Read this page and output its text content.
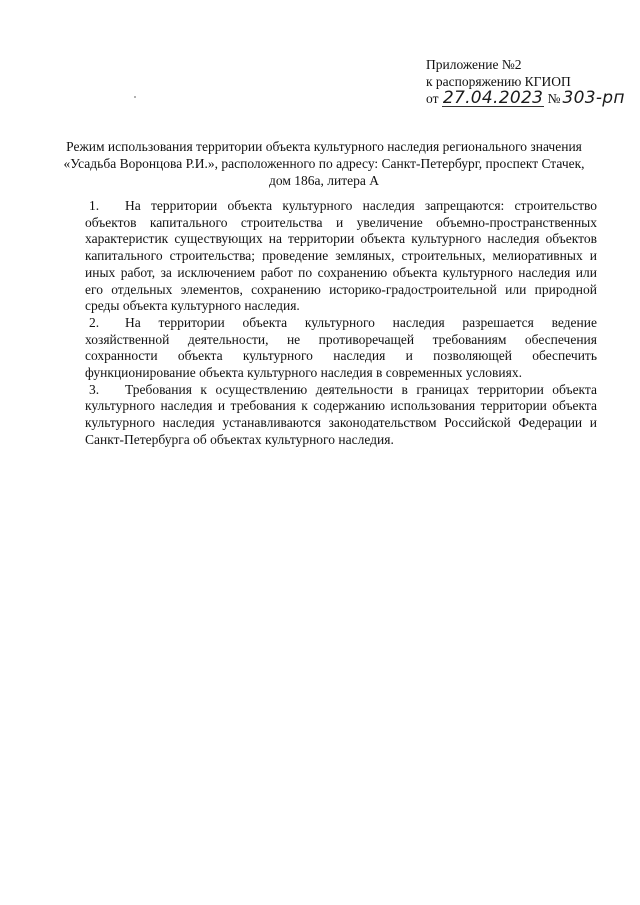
Приложение №2
к распоряжению КГИОП
от 27.04.2023 № 303-рп
Режим использования территории объекта культурного наследия регионального значения
«Усадьба Воронцова Р.И.», расположенного по адресу: Санкт-Петербург, проспект Стачек,
дом 186а, литера А

1. На территории объекта культурного наследия запрещаются: строительство объектов капитального строительства и увеличение объемно-пространственных характеристик существующих на территории объекта культурного наследия объектов капитального строительства; проведение земляных, строительных, мелиоративных и иных работ, за исключением работ по сохранению объекта культурного наследия или его отдельных элементов, сохранению историко-градостроительной или природной среды объекта культурного наследия.

2. На территории объекта культурного наследия разрешается ведение хозяйственной деятельности, не противоречащей требованиям обеспечения сохранности объекта культурного наследия и позволяющей обеспечить функционирование объекта культурного наследия в современных условиях.

3. Требования к осуществлению деятельности в границах территории объекта культурного наследия и требования к содержанию использования территории объекта культурного наследия устанавливаются законодательством Российской Федерации и Санкт-Петербурга об объектах культурного наследия.
